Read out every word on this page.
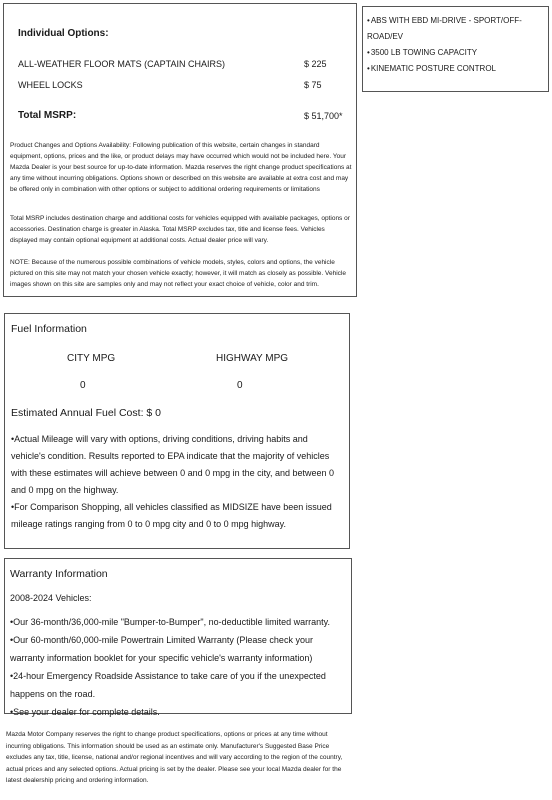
Individual Options:
ALL-WEATHER FLOOR MATS (CAPTAIN CHAIRS)	$ 225
WHEEL LOCKS	$ 75
Total MSRP:	$ 51,700*

Product Changes and Options Availability: Following publication of this website, certain changes in standard equipment, options, prices and the like, or product delays may have occurred which would not be included here. Your Mazda Dealer is your best source for up-to-date information. Mazda reserves the right change product specifications at any time without incurring obligations. Options shown or described on this website are available at extra cost and may be offered only in combination with other options or subject to additional ordering requirements or limitations

Total MSRP includes destination charge and additional costs for vehicles equipped with available packages, options or accessories. Destination charge is greater in Alaska. Total MSRP excludes tax, title and license fees. Vehicles displayed may contain optional equipment at additional costs. Actual dealer price will vary.

NOTE: Because of the numerous possible combinations of vehicle models, styles, colors and options, the vehicle pictured on this site may not match your chosen vehicle exactly; however, it will match as closely as possible. Vehicle images shown on this site are samples only and may not reflect your exact choice of vehicle, color and trim.

• ABS WITH EBD MI-DRIVE - SPORT/OFF-ROAD/EV
• 3500 LB TOWING CAPACITY
• KINEMATIC POSTURE CONTROL
Fuel Information
CITY MPG	HIGHWAY MPG
0	0
Estimated Annual Fuel Cost: $ 0
• Actual Mileage will vary with options, driving conditions, driving habits and vehicle's condition. Results reported to EPA indicate that the majority of vehicles with these estimates will achieve between 0 and 0 mpg in the city, and between 0 and 0 mpg on the highway.
• For Comparison Shopping, all vehicles classified as MIDSIZE have been issued mileage ratings ranging from 0 to 0 mpg city and 0 to 0 mpg highway.
Warranty Information
2008-2024 Vehicles:
• Our 36-month/36,000-mile "Bumper-to-Bumper", no-deductible limited warranty.
• Our 60-month/60,000-mile Powertrain Limited Warranty (Please check your warranty information booklet for your specific vehicle's warranty information)
• 24-hour Emergency Roadside Assistance to take care of you if the unexpected happens on the road.
• See your dealer for complete details.

Mazda Motor Company reserves the right to change product specifications, options or prices at any time without incurring obligations. This information should be used as an estimate only. Manufacturer's Suggested Base Price excludes any tax, title, license, national and/or regional incentives and will vary according to the region of the country, actual prices and any selected options. Actual pricing is set by the dealer. Please see your local Mazda dealer for the latest dealership pricing and ordering information.
